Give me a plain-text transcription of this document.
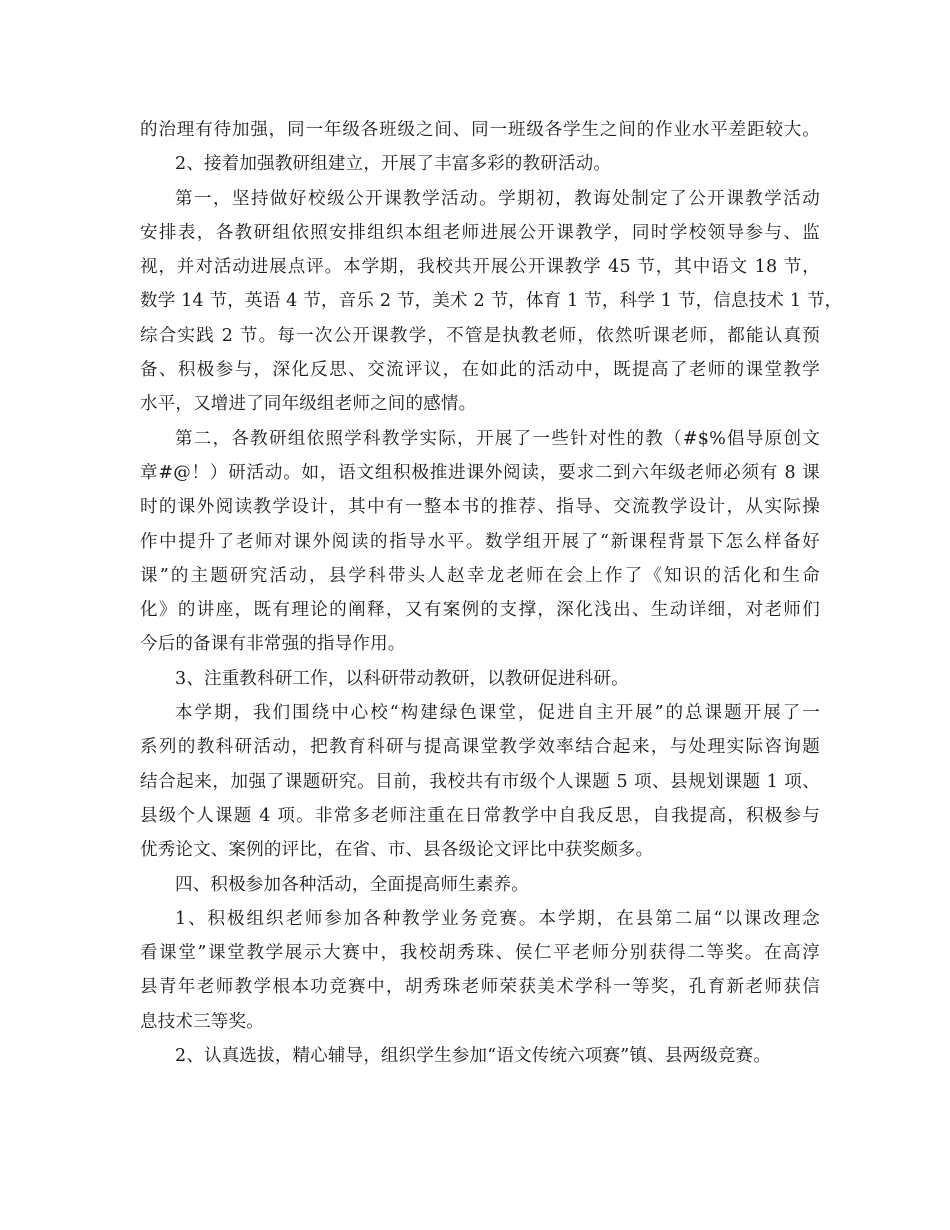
的治理有待加强，同一年级各班级之间、同一班级各学生之间的作业水平差距较大。
2、接着加强教研组建立，开展了丰富多彩的教研活动。
第一，坚持做好校级公开课教学活动。学期初，教诲处制定了公开课教学活动
安排表，各教研组依照安排组织本组老师进展公开课教学，同时学校领导参与、监
视，并对活动进展点评。本学期，我校共开展公开课教学 45 节，其中语文 18 节，
数学 14 节，英语 4 节，音乐 2 节，美术 2 节，体育 1 节，科学 1 节，信息技术 1 节，
综合实践 2 节。每一次公开课教学，不管是执教老师，依然听课老师，都能认真预
备、积极参与，深化反思、交流评议，在如此的活动中，既提高了老师的课堂教学
水平，又增进了同年级组老师之间的感情。
第二，各教研组依照学科教学实际，开展了一些针对性的教（#$%倡导原创文
章#@！）研活动。如，语文组积极推进课外阅读，要求二到六年级老师必须有 8 课
时的课外阅读教学设计，其中有一整本书的推荐、指导、交流教学设计，从实际操
作中提升了老师对课外阅读的指导水平。数学组开展了“新课程背景下怎么样备好
课”的主题研究活动，县学科带头人赵幸龙老师在会上作了《知识的活化和生命
化》的讲座，既有理论的阐释，又有案例的支撑，深化浅出、生动详细，对老师们
今后的备课有非常强的指导作用。
3、注重教科研工作，以科研带动教研，以教研促进科研。
本学期，我们围绕中心校“构建绿色课堂，促进自主开展”的总课题开展了一
系列的教科研活动，把教育科研与提高课堂教学效率结合起来，与处理实际咨询题
结合起来，加强了课题研究。目前，我校共有市级个人课题 5 项、县规划课题 1 项、
县级个人课题 4 项。非常多老师注重在日常教学中自我反思，自我提高，积极参与
优秀论文、案例的评比，在省、市、县各级论文评比中获奖颇多。
四、积极参加各种活动，全面提高师生素养。
1、积极组织老师参加各种教学业务竞赛。本学期，在县第二届“以课改理念
看课堂”课堂教学展示大赛中，我校胡秀珠、侯仁平老师分别获得二等奖。在高淳
县青年老师教学根本功竞赛中，胡秀珠老师荣获美术学科一等奖，孔育新老师获信
息技术三等奖。
2、认真选拔，精心辅导，组织学生参加“语文传统六项赛”镇、县两级竞赛。
